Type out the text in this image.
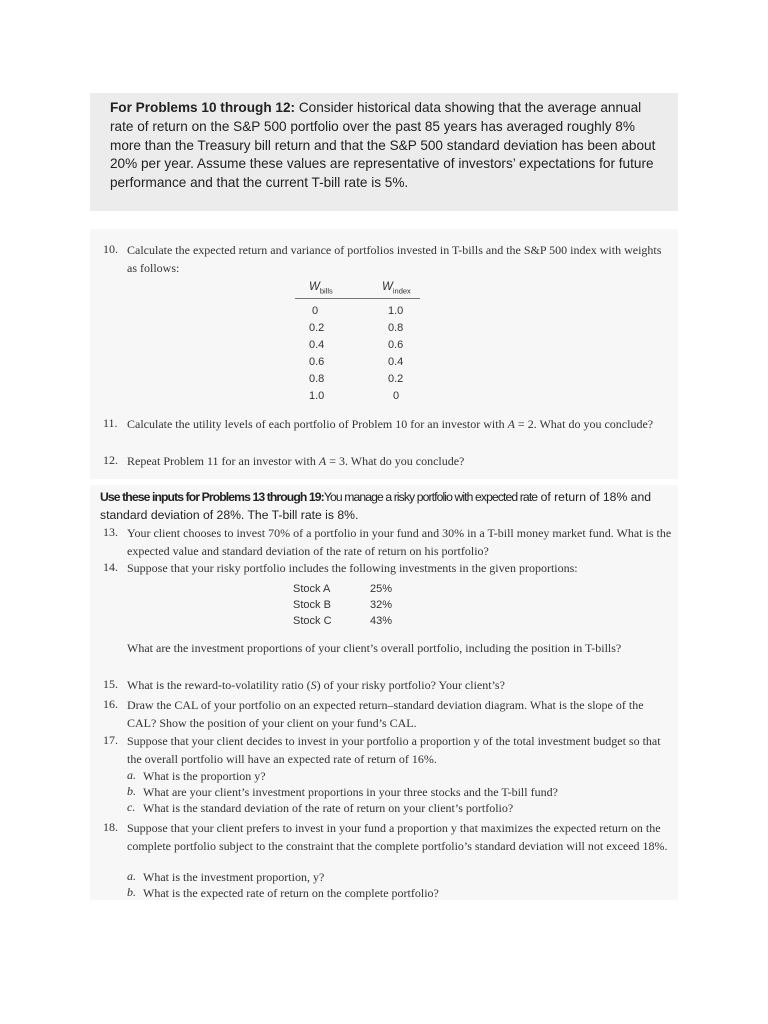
For Problems 10 through 12: Consider historical data showing that the average annual rate of return on the S&P 500 portfolio over the past 85 years has averaged roughly 8% more than the Treasury bill return and that the S&P 500 standard deviation has been about 20% per year. Assume these values are representative of investors’ expectations for future performance and that the current T-bill rate is 5%.

10. Calculate the expected return and variance of portfolios invested in T-bills and the S&P 500 index with weights as follows:
$W_{bills}$	$W_{index}$
0	1.0
0.2	0.8
0.4	0.6
0.6	0.4
0.8	0.2
1.0	0
11. Calculate the utility levels of each portfolio of Problem 10 for an investor with A = 2. What do you conclude?
12. Repeat Problem 11 for an investor with A = 3. What do you conclude?
Use these inputs for Problems 13 through 19:You manage a risky portfolio with expected rate of return of 18% and standard deviation of 28%. The T-bill rate is 8%.
13. Your client chooses to invest 70% of a portfolio in your fund and 30% in a T-bill money market fund. What is the expected value and standard deviation of the rate of return on his portfolio?
14. Suppose that your risky portfolio includes the following investments in the given proportions:
Stock A	25%
Stock B	32%
Stock C	43%
What are the investment proportions of your client’s overall portfolio, including the position in T-bills?
15. What is the reward-to-volatility ratio (S) of your risky portfolio? Your client’s?
16. Draw the CAL of your portfolio on an expected return–standard deviation diagram. What is the slope of the CAL? Show the position of your client on your fund’s CAL.
17. Suppose that your client decides to invest in your portfolio a proportion y of the total investment budget so that the overall portfolio will have an expected rate of return of 16%.
a. What is the proportion y?
b. What are your client’s investment proportions in your three stocks and the T-bill fund?
c. What is the standard deviation of the rate of return on your client’s portfolio?
18. Suppose that your client prefers to invest in your fund a proportion y that maximizes the expected return on the complete portfolio subject to the constraint that the complete portfolio’s standard deviation will not exceed 18%.
a. What is the investment proportion, y?
b. What is the expected rate of return on the complete portfolio?
